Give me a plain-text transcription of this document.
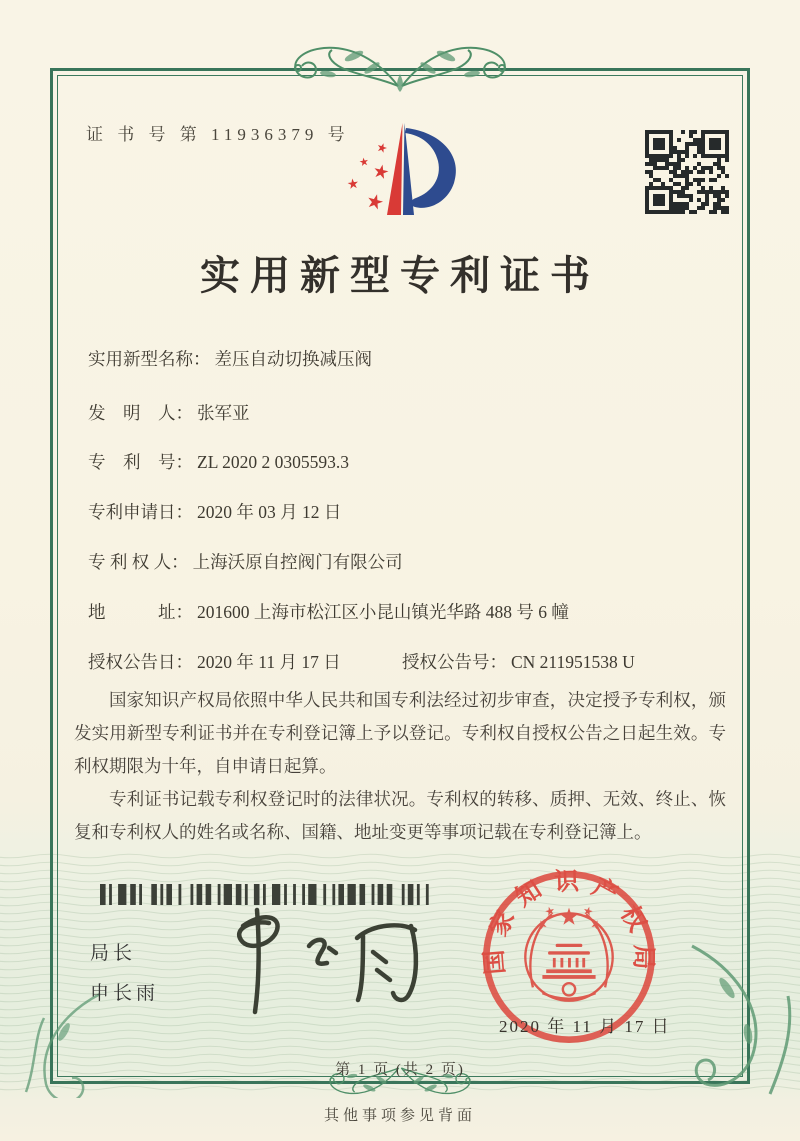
证 书 号 第 11936379 号
实用新型专利证书
实用新型名称： 差压自动切换减压阀
发　明　人： 张军亚
专　利　号： ZL 2020 2 0305593.3
专利申请日： 2020 年 03 月 12 日
专 利 权 人： 上海沃原自控阀门有限公司
地　　　址： 201600 上海市松江区小昆山镇光华路 488 号 6 幢
授权公告日： 2020 年 11 月 17 日	授权公告号： CN 211951538 U

国家知识产权局依照中华人民共和国专利法经过初步审查，决定授予专利权，颁发实用新型专利证书并在专利登记簿上予以登记。专利权自授权公告之日起生效。专利权期限为十年，自申请日起算。

专利证书记载专利权登记时的法律状况。专利权的转移、质押、无效、终止、恢复和专利权人的姓名或名称、国籍、地址变更等事项记载在专利登记簿上。

局长
申长雨
国家知识产权局
2020 年 11 月 17 日
第 1 页 (共 2 页)
其他事项参见背面
